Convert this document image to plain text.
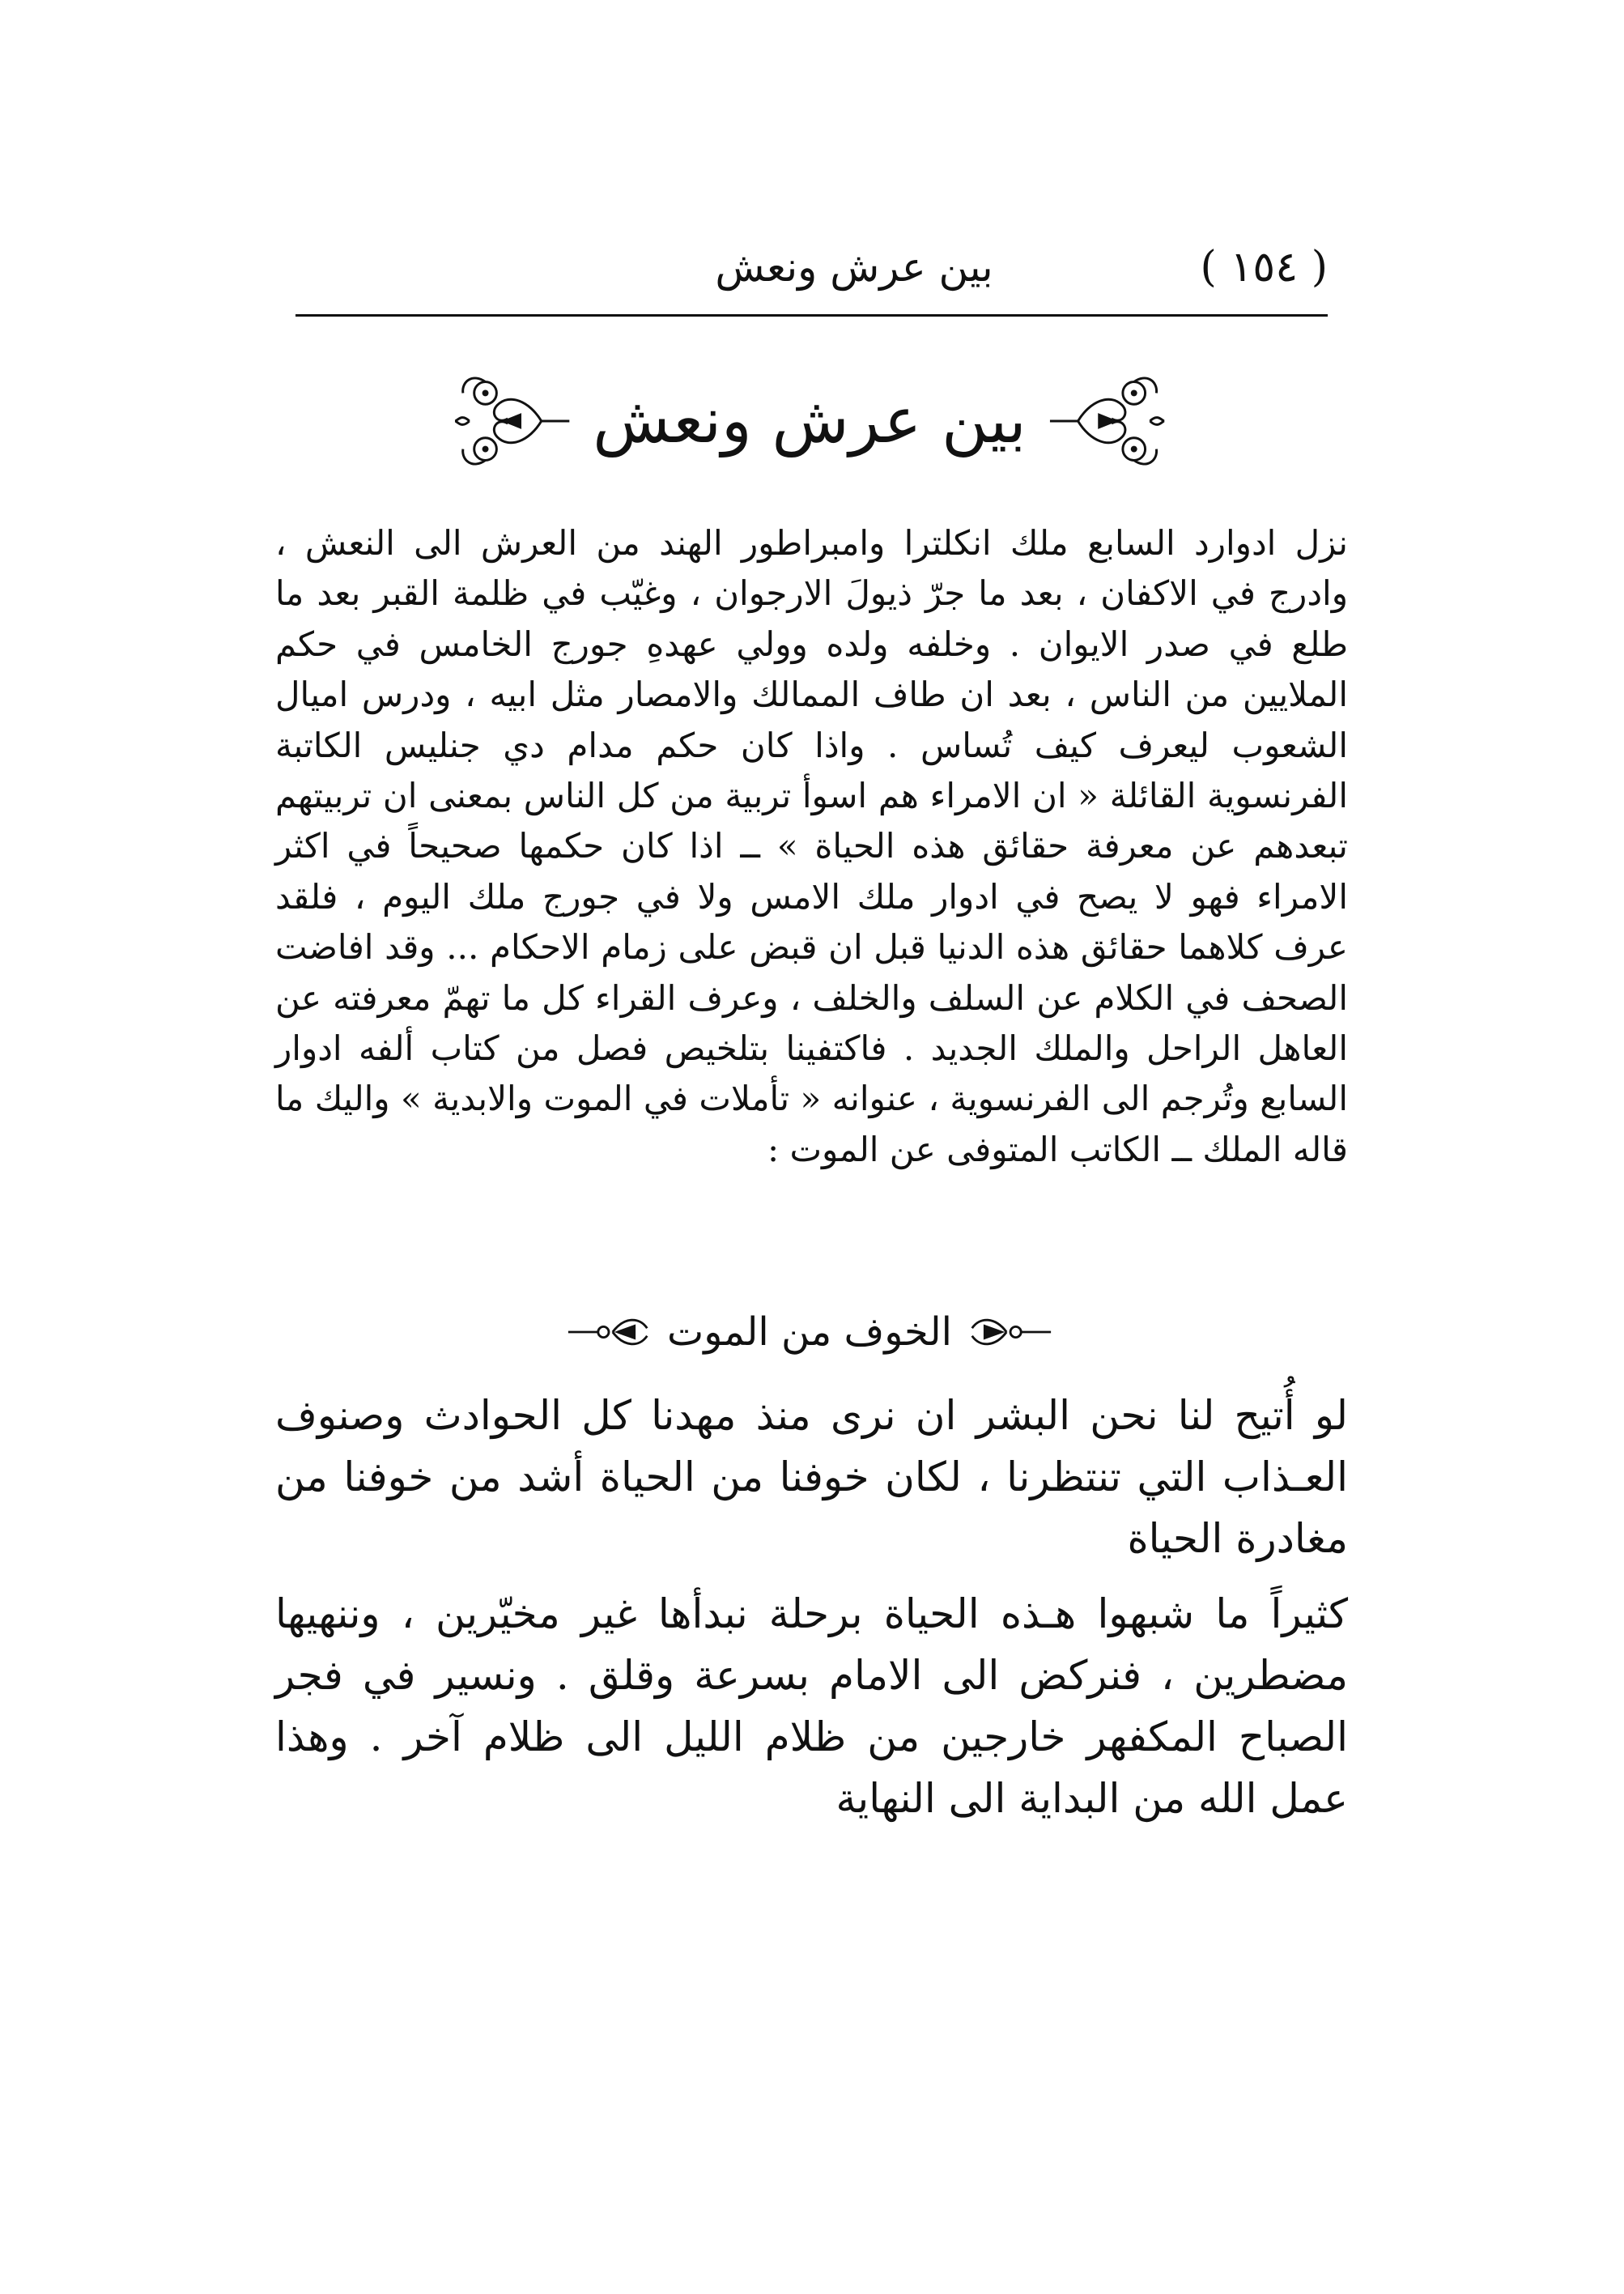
بين عرش ونعش	( ١٥٤ )
بين عرش ونعش

نزل ادوارد السابع ملك انكلترا وامبراطور الهند من العرش الى النعش ، وادرج في الاكفان ، بعد ما جرّ ذيولَ الارجوان ، وغيّب في ظلمة القبر بعد ما طلع في صدر الايوان . وخلفه ولده وولي عهدهِ جورج الخامس في حكم الملايين من الناس ، بعد ان طاف الممالك والامصار مثل ابيه ، ودرس اميال الشعوب ليعرف كيف تُساس . واذا كان حكم مدام دي جنليس الكاتبة الفرنسوية القائلة « ان الامراء هم اسوأ تربية من كل الناس بمعنى ان تربيتهم تبعدهم عن معرفة حقائق هذه الحياة » ــ اذا كان حكمها صحيحاً في اكثر الامراء فهو لا يصح في ادوار ملك الامس ولا في جورج ملك اليوم ، فلقد عرف كلاهما حقائق هذه الدنيا قبل ان قبض على زمام الاحكام ... وقد افاضت الصحف في الكلام عن السلف والخلف ، وعرف القراء كل ما تهمّ معرفته عن العاهل الراحل والملك الجديد . فاكتفينا بتلخيص فصل من كتاب ألفه ادوار السابع وتُرجم الى الفرنسوية ، عنوانه « تأملات في الموت والابدية » واليك ما قاله الملك ــ الكاتب المتوفى عن الموت :

الخوف من الموت

لو أُتيح لنا نحن البشر ان نرى منذ مهدنا كل الحوادث وصنوف العـذاب التي تنتظرنا ، لكان خوفنا من الحياة أشد من خوفنا من مغادرة الحياة

كثيراً ما شبهوا هـذه الحياة برحلة نبدأها غير مخيّرين ، وننهيها مضطرين ، فنركض الى الامام بسرعة وقلق . ونسير في فجر الصباح المكفهر خارجين من ظلام الليل الى ظلام آخر . وهذا عمل الله من البداية الى النهاية
